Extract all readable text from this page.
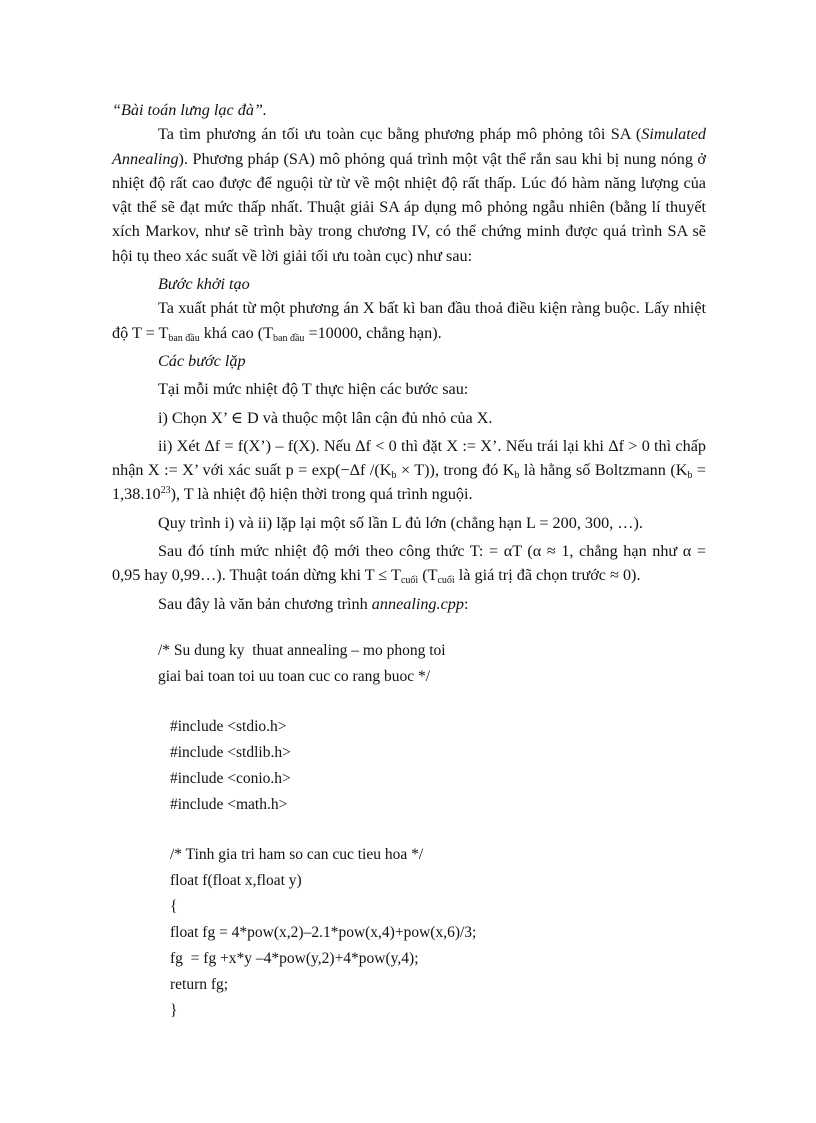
“Bài toán lưng lạc đà”.

Ta tìm phương án tối ưu toàn cục bằng phương pháp mô phỏng tôi SA (Simulated Annealing). Phương pháp (SA) mô phỏng quá trình một vật thể rắn sau khi bị nung nóng ở nhiệt độ rất cao được để nguội từ từ về một nhiệt độ rất thấp. Lúc đó hàm năng lượng của vật thể sẽ đạt mức thấp nhất. Thuật giải SA áp dụng mô phỏng ngẫu nhiên (bằng lí thuyết xích Markov, như sẽ trình bày trong chương IV, có thể chứng minh được quá trình SA sẽ hội tụ theo xác suất về lời giải tối ưu toàn cục) như sau:

Bước khởi tạo

Ta xuất phát từ một phương án X bất kì ban đầu thoả điều kiện ràng buộc. Lấy nhiệt độ $T = T_{ban đầu}$ khá cao ($T_{ban đầu} =10000$, chẳng hạn).

Các bước lặp

Tại mỗi mức nhiệt độ T thực hiện các bước sau:

i) Chọn X’ ∈ D và thuộc một lân cận đủ nhỏ của X.

ii) Xét Δf = f(X’) – f(X). Nếu Δf < 0 thì đặt X := X’. Nếu trái lại khi Δf > 0 thì chấp nhận X := X’ với xác suất p = exp(−Δf $/(K_b \times T)$), trong đó $K_b$ là hằng số Boltzmann $(K_b = 1,38.10^{23})$, T là nhiệt độ hiện thời trong quá trình nguội.

Quy trình i) và ii) lặp lại một số lần L đủ lớn (chẳng hạn L = 200, 300, …).

Sau đó tính mức nhiệt độ mới theo công thức T: = αT (α ≈ 1, chẳng hạn như α = 0,95 hay 0,99…). Thuật toán dừng khi $T \le T_{cuối}$ ($T_{cuối}$ là giá trị đã chọn trước ≈ 0).

Sau đây là văn bản chương trình annealing.cpp:

/* Su dung ky  thuat annealing – mo phong toi
giai bai toan toi uu toan cuc co rang buoc */
#include <stdio.h>
#include <stdlib.h>
#include <conio.h>
#include <math.h>
/* Tinh gia tri ham so can cuc tieu hoa */
float f(float x,float y)
{
float fg = 4*pow(x,2)–2.1*pow(x,4)+pow(x,6)/3;
fg  = fg +x*y –4*pow(y,2)+4*pow(y,4);
return fg;
}
